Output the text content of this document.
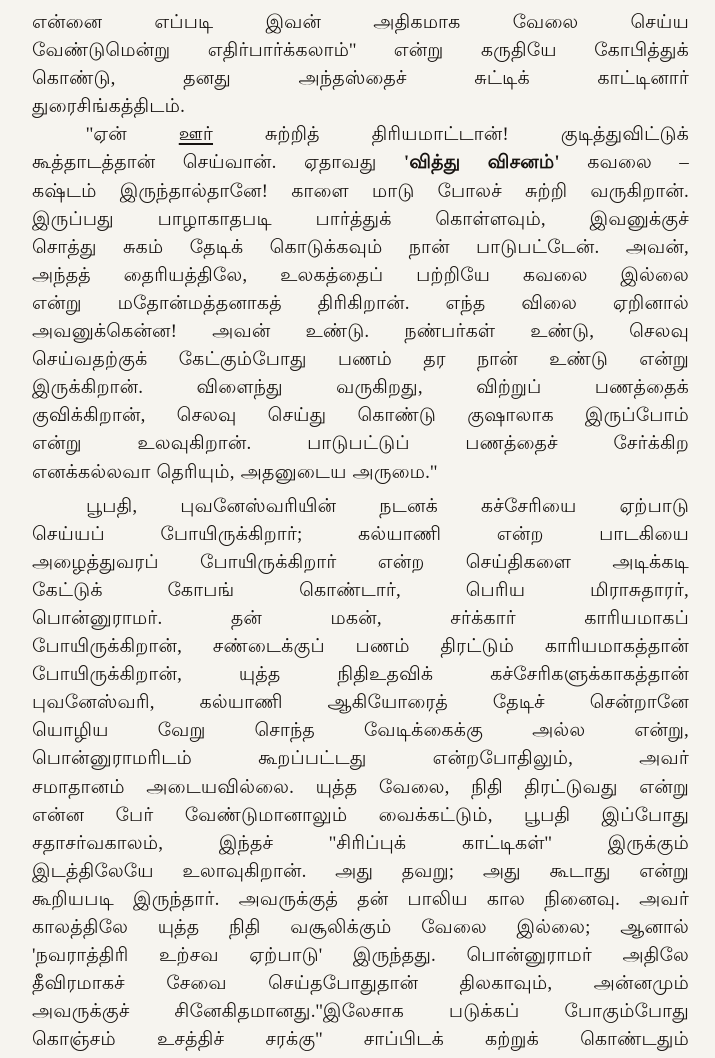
என்னை எப்படி இவன் அதிகமாக வேலை செய்ய
வேண்டுமென்று எதிர்பார்க்கலாம்'' என்று கருதியே கோபித்துக்
கொண்டு, தனது அந்தஸ்தைச் சுட்டிக் காட்டினார்
துரைசிங்கத்திடம்.
''ஏன் ஊர் சுற்றித் திரியமாட்டான்! குடித்துவிட்டுக்
கூத்தாடத்தான் செய்வான். ஏதாவது 'வித்து விசனம்' கவலை –
கஷ்டம் இருந்தால்தானே! காளை மாடு போலச் சுற்றி வருகிறான்.
இருப்பது பாழாகாதபடி பார்த்துக் கொள்ளவும், இவனுக்குச்
சொத்து சுகம் தேடிக் கொடுக்கவும் நான் பாடுபட்டேன். அவன்,
அந்தத் தைரியத்திலே, உலகத்தைப் பற்றியே கவலை இல்லை
என்று மதோன்மத்தனாகத் திரிகிறான். எந்த விலை ஏறினால்
அவனுக்கென்ன! அவன் உண்டு. நண்பர்கள் உண்டு, செலவு
செய்வதற்குக் கேட்கும்போது பணம் தர நான் உண்டு என்று
இருக்கிறான். விளைந்து வருகிறது, விற்றுப் பணத்தைக்
குவிக்கிறான், செலவு செய்து கொண்டு குஷாலாக இருப்போம்
என்று உலவுகிறான். பாடுபட்டுப் பணத்தைச் சேர்க்கிற
எனக்கல்லவா தெரியும், அதனுடைய அருமை.''
பூபதி, புவனேஸ்வரியின் நடனக் கச்சேரியை ஏற்பாடு
செய்யப் போயிருக்கிறார்; கல்யாணி என்ற பாடகியை
அழைத்துவரப் போயிருக்கிறார் என்ற செய்திகளை அடிக்கடி
கேட்டுக் கோபங் கொண்டார், பெரிய மிராசுதாரர்,
பொன்னுராமர். தன் மகன், சர்க்கார் காரியமாகப்
போயிருக்கிறான், சண்டைக்குப் பணம் திரட்டும் காரியமாகத்தான்
போயிருக்கிறான், யுத்த நிதிஉதவிக் கச்சேரிகளுக்காகத்தான்
புவனேஸ்வரி, கல்யாணி ஆகியோரைத் தேடிச் சென்றானே
யொழிய வேறு சொந்த வேடிக்கைக்கு அல்ல என்று,
பொன்னுராமரிடம் கூறப்பட்டது என்றபோதிலும், அவர்
சமாதானம் அடையவில்லை. யுத்த வேலை, நிதி திரட்டுவது என்று
என்ன பேர் வேண்டுமானாலும் வைக்கட்டும், பூபதி இப்போது
சதாசர்வகாலம், இந்தச் ''சிரிப்புக் காட்டிகள்'' இருக்கும்
இடத்திலேயே உலாவுகிறான். அது தவறு; அது கூடாது என்று
கூறியபடி இருந்தார். அவருக்குத் தன் பாலிய கால நினைவு. அவர்
காலத்திலே யுத்த நிதி வசூலிக்கும் வேலை இல்லை; ஆனால்
'நவராத்திரி உற்சவ ஏற்பாடு' இருந்தது. பொன்னுராமர் அதிலே
தீவிரமாகச் சேவை செய்தபோதுதான் திலகாவும், அன்னமும்
அவருக்குச் சினேகிதமானது.''இலேசாக படுக்கப் போகும்போது
கொஞ்சம் உசத்திச் சரக்கு'' சாப்பிடக் கற்றுக் கொண்டதும்
